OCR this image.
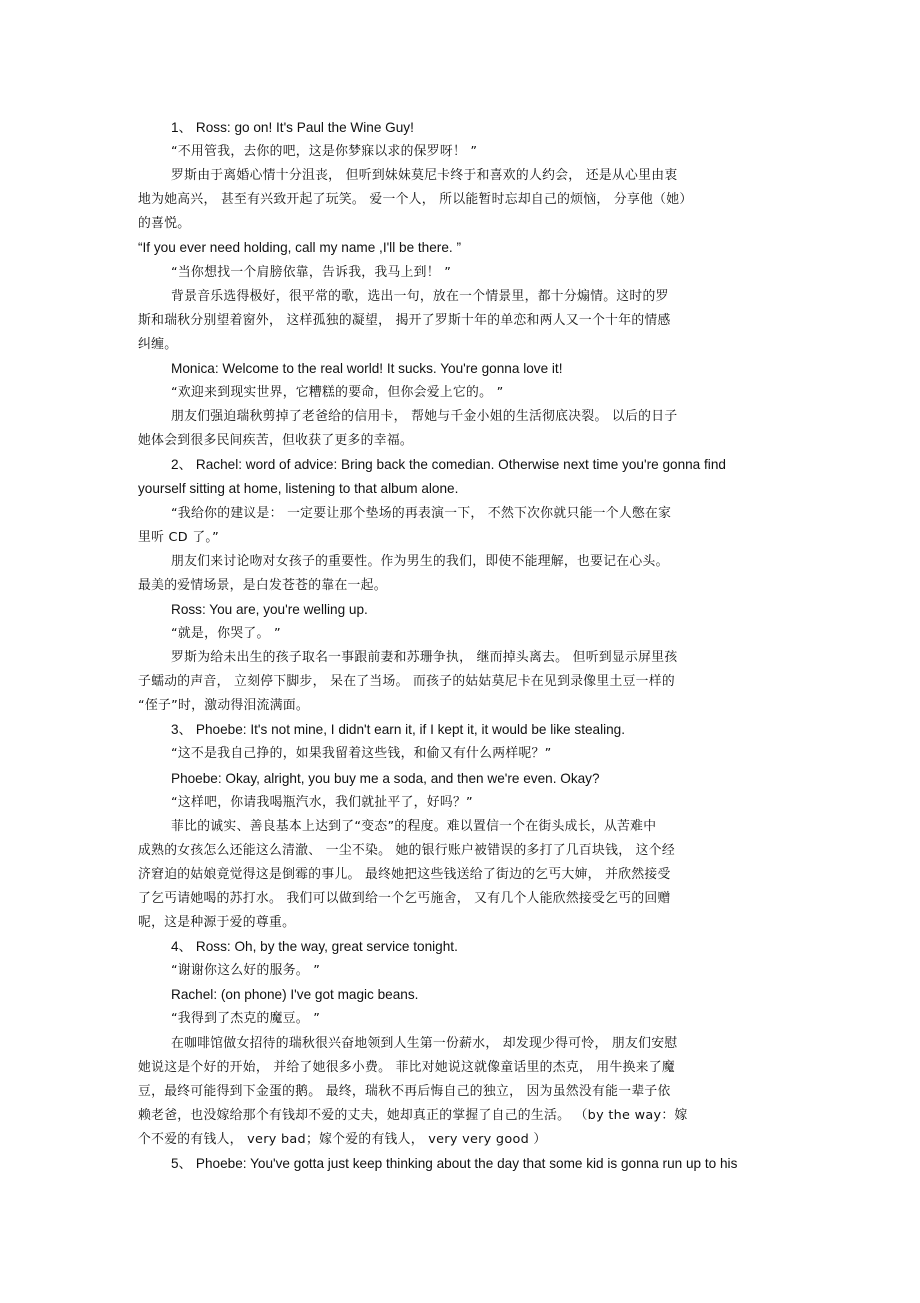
1、 Ross: go on! It's Paul the Wine Guy!
“不用管我，去你的吧，这是你梦寐以求的保罗呀！ ”
罗斯由于离婚心情十分沮丧， 但听到妹妹莫尼卡终于和喜欢的人约会， 还是从心里由衷
地为她高兴， 甚至有兴致开起了玩笑。 爱一个人， 所以能暂时忘却自己的烦恼， 分享他（她）
的喜悦。
“If you ever need holding, call my name ,I'll be there. ”
“当你想找一个肩膀依靠，告诉我，我马上到！ ”
背景音乐选得极好，很平常的歌，选出一句，放在一个情景里，都十分煽情。这时的罗
斯和瑞秋分别望着窗外， 这样孤独的凝望， 揭开了罗斯十年的单恋和两人又一个十年的情感
纠缠。
Monica: Welcome to the real world! It sucks. You're gonna love it!
“欢迎来到现实世界，它糟糕的要命，但你会爱上它的。 ”
朋友们强迫瑞秋剪掉了老爸给的信用卡， 帮她与千金小姐的生活彻底决裂。 以后的日子
她体会到很多民间疾苦，但收获了更多的幸福。
2、 Rachel: word of advice: Bring back the comedian. Otherwise next time you're gonna find
yourself sitting at home, listening to that album alone.
“我给你的建议是： 一定要让那个垫场的再表演一下， 不然下次你就只能一个人憋在家
里听 CD 了。”
朋友们来讨论吻对女孩子的重要性。作为男生的我们，即使不能理解，也要记在心头。
最美的爱情场景，是白发苍苍的靠在一起。
Ross: You are, you're welling up.
“就是，你哭了。 ”
罗斯为给未出生的孩子取名一事跟前妻和苏珊争执， 继而掉头离去。 但听到显示屏里孩
子蠕动的声音， 立刻停下脚步， 呆在了当场。 而孩子的姑姑莫尼卡在见到录像里土豆一样的
“侄子”时，激动得泪流满面。
3、 Phoebe: It's not mine, I didn't earn it, if I kept it, it would be like stealing.
“这不是我自己挣的，如果我留着这些钱，和偷又有什么两样呢？”
Phoebe: Okay, alright, you buy me a soda, and then we're even. Okay?
“这样吧，你请我喝瓶汽水，我们就扯平了，好吗？”
菲比的诚实、善良基本上达到了“变态”的程度。难以置信一个在街头成长，从苦难中
成熟的女孩怎么还能这么清澈、 一尘不染。 她的银行账户被错误的多打了几百块钱， 这个经
济窘迫的姑娘竟觉得这是倒霉的事儿。 最终她把这些钱送给了街边的乞丐大婶， 并欣然接受
了乞丐请她喝的苏打水。 我们可以做到给一个乞丐施舍， 又有几个人能欣然接受乞丐的回赠
呢，这是种源于爱的尊重。
4、 Ross: Oh, by the way, great service tonight.
“谢谢你这么好的服务。 ”
Rachel: (on phone) I've got magic beans.
“我得到了杰克的魔豆。 ”
在咖啡馆做女招待的瑞秋很兴奋地领到人生第一份薪水， 却发现少得可怜， 朋友们安慰
她说这是个好的开始， 并给了她很多小费。 菲比对她说这就像童话里的杰克， 用牛换来了魔
豆，最终可能得到下金蛋的鹅。 最终，瑞秋不再后悔自己的独立， 因为虽然没有能一辈子依
赖老爸，也没嫁给那个有钱却不爱的丈夫，她却真正的掌握了自己的生活。 （by the way：嫁
个不爱的有钱人， very bad；嫁个爱的有钱人， very very good ）
5、 Phoebe: You've gotta just keep thinking about the day that some kid is gonna run up to his
